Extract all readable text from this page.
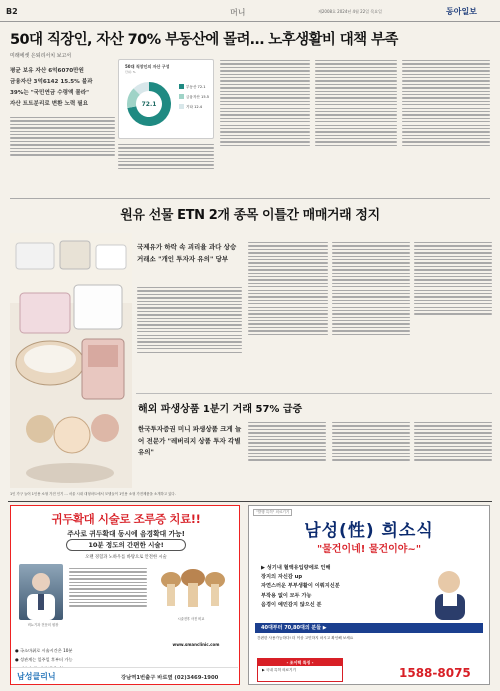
B2	머니	제2008호 2024년 4월 22일 목요일	동아일보
50대 직장인, 자산 70% 부동산에 몰려… 노후생활비 대책 부족
미래에셋 은퇴리서치 보고서
평균 보유 자산 6억6070만원
금융자산 3억6142 15.5% 불과
39%는 "국민연금 수령액 몰라"
자산 트트분리로 변환 노력 필요
50대 직장인의 자산 구성
단위: %
72.1
부동산 72.1
금융자산 15.5
기타 12.4
원유 선물 ETN 2개 종목 이틀간 매매거래 정지
국제유가 하락 속 괴리율 과다 상승 거래소 "개인 투자자 유의" 당부
해외 파생상품 1분기 거래 57% 급증
한국투자증권 미니 파생상품 크게 늘어 전문가 "레버리지 상품 투자 각별 유의"
1인 가구 늘어 1인용 소형 가전 인기 … 서울 시내 대형마트에서 모델들이 1인용 소형 가전제품을 소개하고 있다.
귀두확대 시술로 조루증 치료!!
주사로 귀두확대 동시에 음경확대 가능!
10분 정도의 간편한 시술!
오랜 경험과 노하우를 바탕으로 안전한 시술
비뇨기과 전문의 원장
시술전후 사진 비교
www.smanclinic.com
● 국소마취로 시술시간은 10분
● 성관계는 일주일 후부터 가능
남성클리닉	강남역1번출구 바로옆 (02)3469-1900
"발행 특허" 의료기기
남성(性) 희소식
"물건이네! 물건이야~"
▶ 성기내 혈액유입량에로 인해
장지의 자신감 up
자연스러운 부부생활이 이뤄지신분
부작용 없이 모두 가능
음경이 예민감지 않으신 분
40대부터 70,80대의 분들 ▶
간편한 사용가능하다! 더 이상 고민하지 마시고 확인해 보세요
- 조이텍 특징 -
▶ 국내 특허 의료기기	1588-8075
